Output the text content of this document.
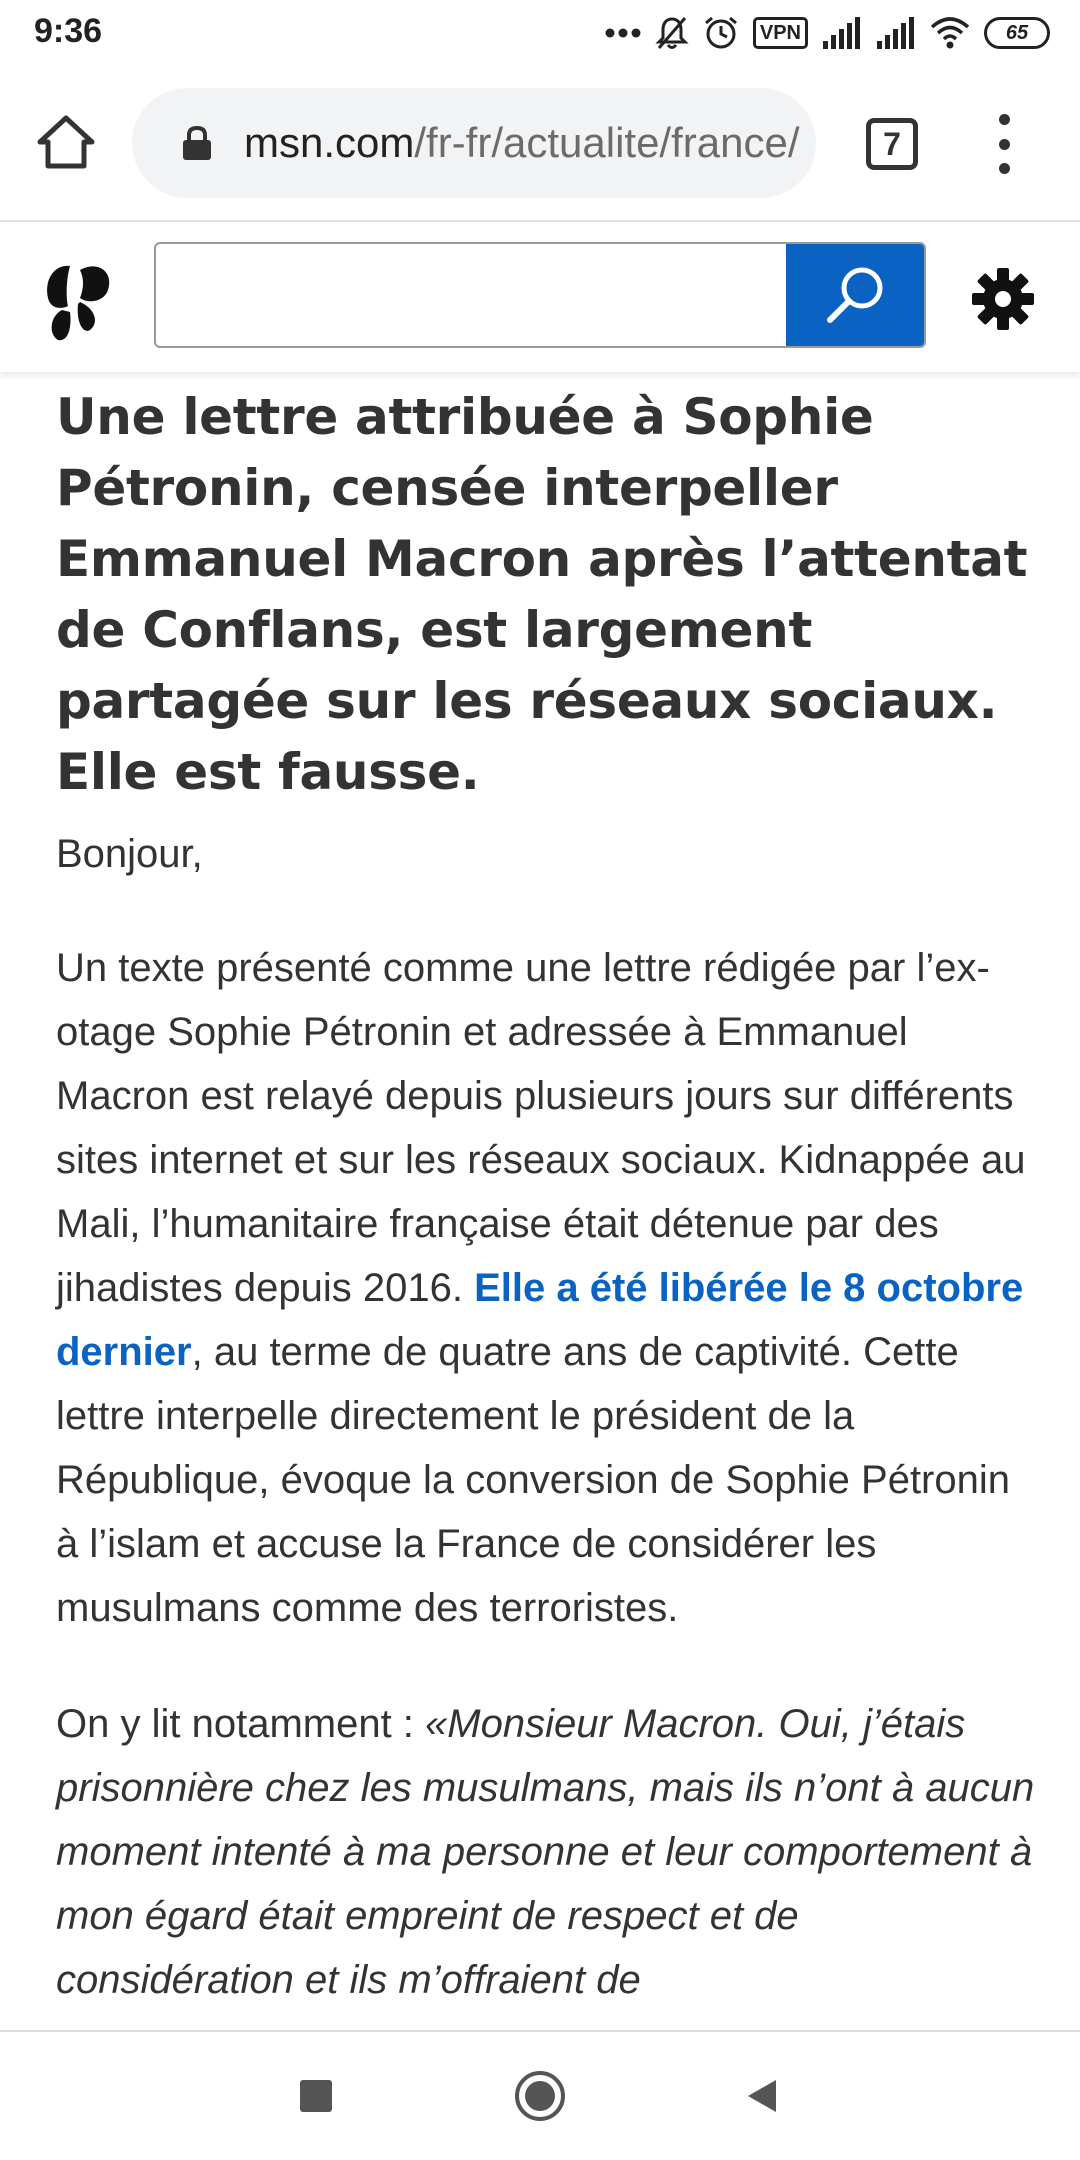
9:36	VPN	65
msn.com/fr-fr/actualite/france/	7
Une lettre attribuée à Sophie Pétronin, censée interpeller Emmanuel Macron après l’attentat de Conflans, est largement partagée sur les réseaux sociaux. Elle est fausse.

Bonjour,

Un texte présenté comme une lettre rédigée par l’ex-otage Sophie Pétronin et adressée à Emmanuel Macron est relayé depuis plusieurs jours sur différents sites internet et sur les réseaux sociaux. Kidnappée au Mali, l’humanitaire française était détenue par des jihadistes depuis 2016. Elle a été libérée le 8 octobre dernier, au terme de quatre ans de captivité. Cette lettre interpelle directement le président de la République, évoque la conversion de Sophie Pétronin à l’islam et accuse la France de considérer les musulmans comme des terroristes.

On y lit notamment : «Monsieur Macron. Oui, j’étais prisonnière chez les musulmans, mais ils n’ont à aucun moment intenté à ma personne et leur comportement à mon égard était empreint de respect et de considération et ils m’offraient de
